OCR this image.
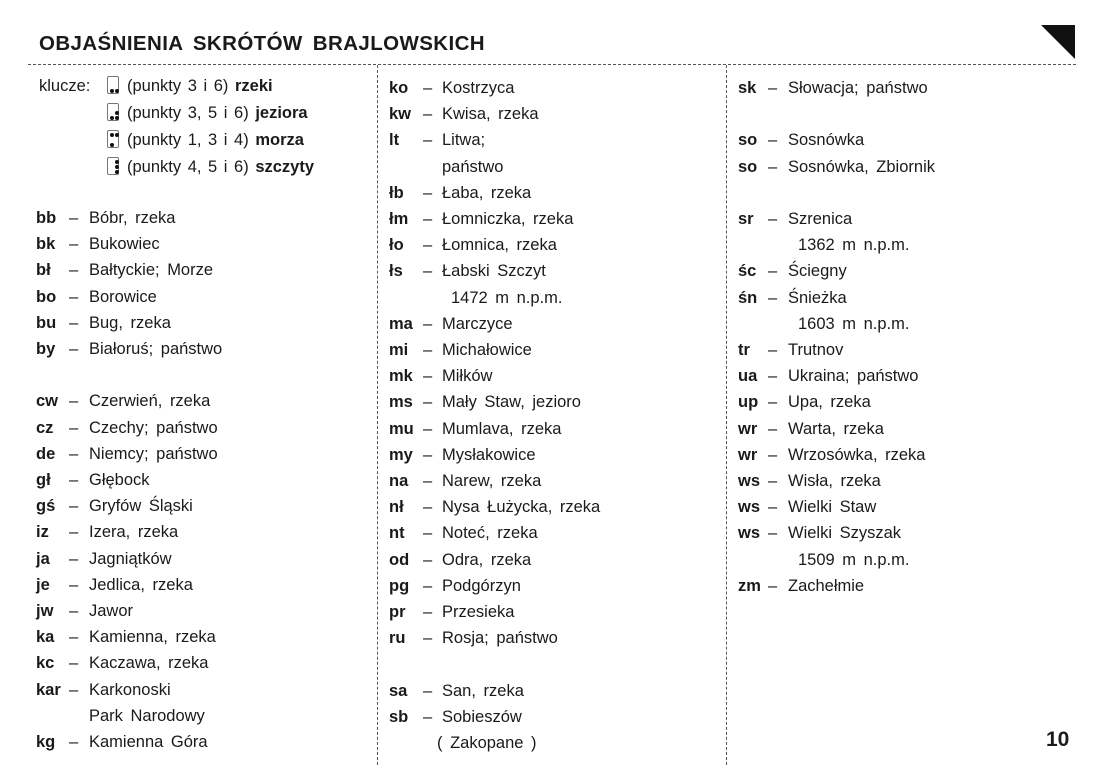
OBJAŚNIENIA SKRÓTÓW BRAJLOWSKICH
klucze:	(punkty 3 i 6) rzeki
(punkty 3, 5 i 6) jeziora
(punkty 1, 3 i 4) morza
(punkty 4, 5 i 6) szczyty
bb – Bóbr, rzeka
bk – Bukowiec
bł – Bałtyckie; Morze
bo – Borowice
bu – Bug, rzeka
by – Białoruś; państwo
cw – Czerwień, rzeka
cz – Czechy; państwo
de – Niemcy; państwo
gł – Głębock
gś – Gryfów Śląski
iz – Izera, rzeka
ja – Jagniątków
je – Jedlica, rzeka
jw – Jawor
ka – Kamienna, rzeka
kc – Kaczawa, rzeka
kar – Karkonoski
Park Narodowy
kg – Kamienna Góra
ko – Kostrzyca
kw – Kwisa, rzeka
lt – Litwa;
państwo
łb – Łaba, rzeka
łm – Łomniczka, rzeka
ło – Łomnica, rzeka
łs – Łabski Szczyt
1472 m n.p.m.
ma – Marczyce
mi – Michałowice
mk – Miłków
ms – Mały Staw, jezioro
mu – Mumlava, rzeka
my – Mysłakowice
na – Narew, rzeka
nł – Nysa Łużycka, rzeka
nt – Noteć, rzeka
od – Odra, rzeka
pg – Podgórzyn
pr – Przesieka
ru – Rosja; państwo
sa – San, rzeka
sb – Sobieszów
( Zakopane )
sk – Słowacja; państwo
so – Sosnówka
so – Sosnówka, Zbiornik
sr – Szrenica
1362 m n.p.m.
śc – Ściegny
śn – Śnieżka
1603 m n.p.m.
tr – Trutnov
ua – Ukraina; państwo
up – Upa, rzeka
wr – Warta, rzeka
wr – Wrzosówka, rzeka
ws – Wisła, rzeka
ws – Wielki Staw
ws – Wielki Szyszak
1509 m n.p.m.
zm – Zachełmie
10
